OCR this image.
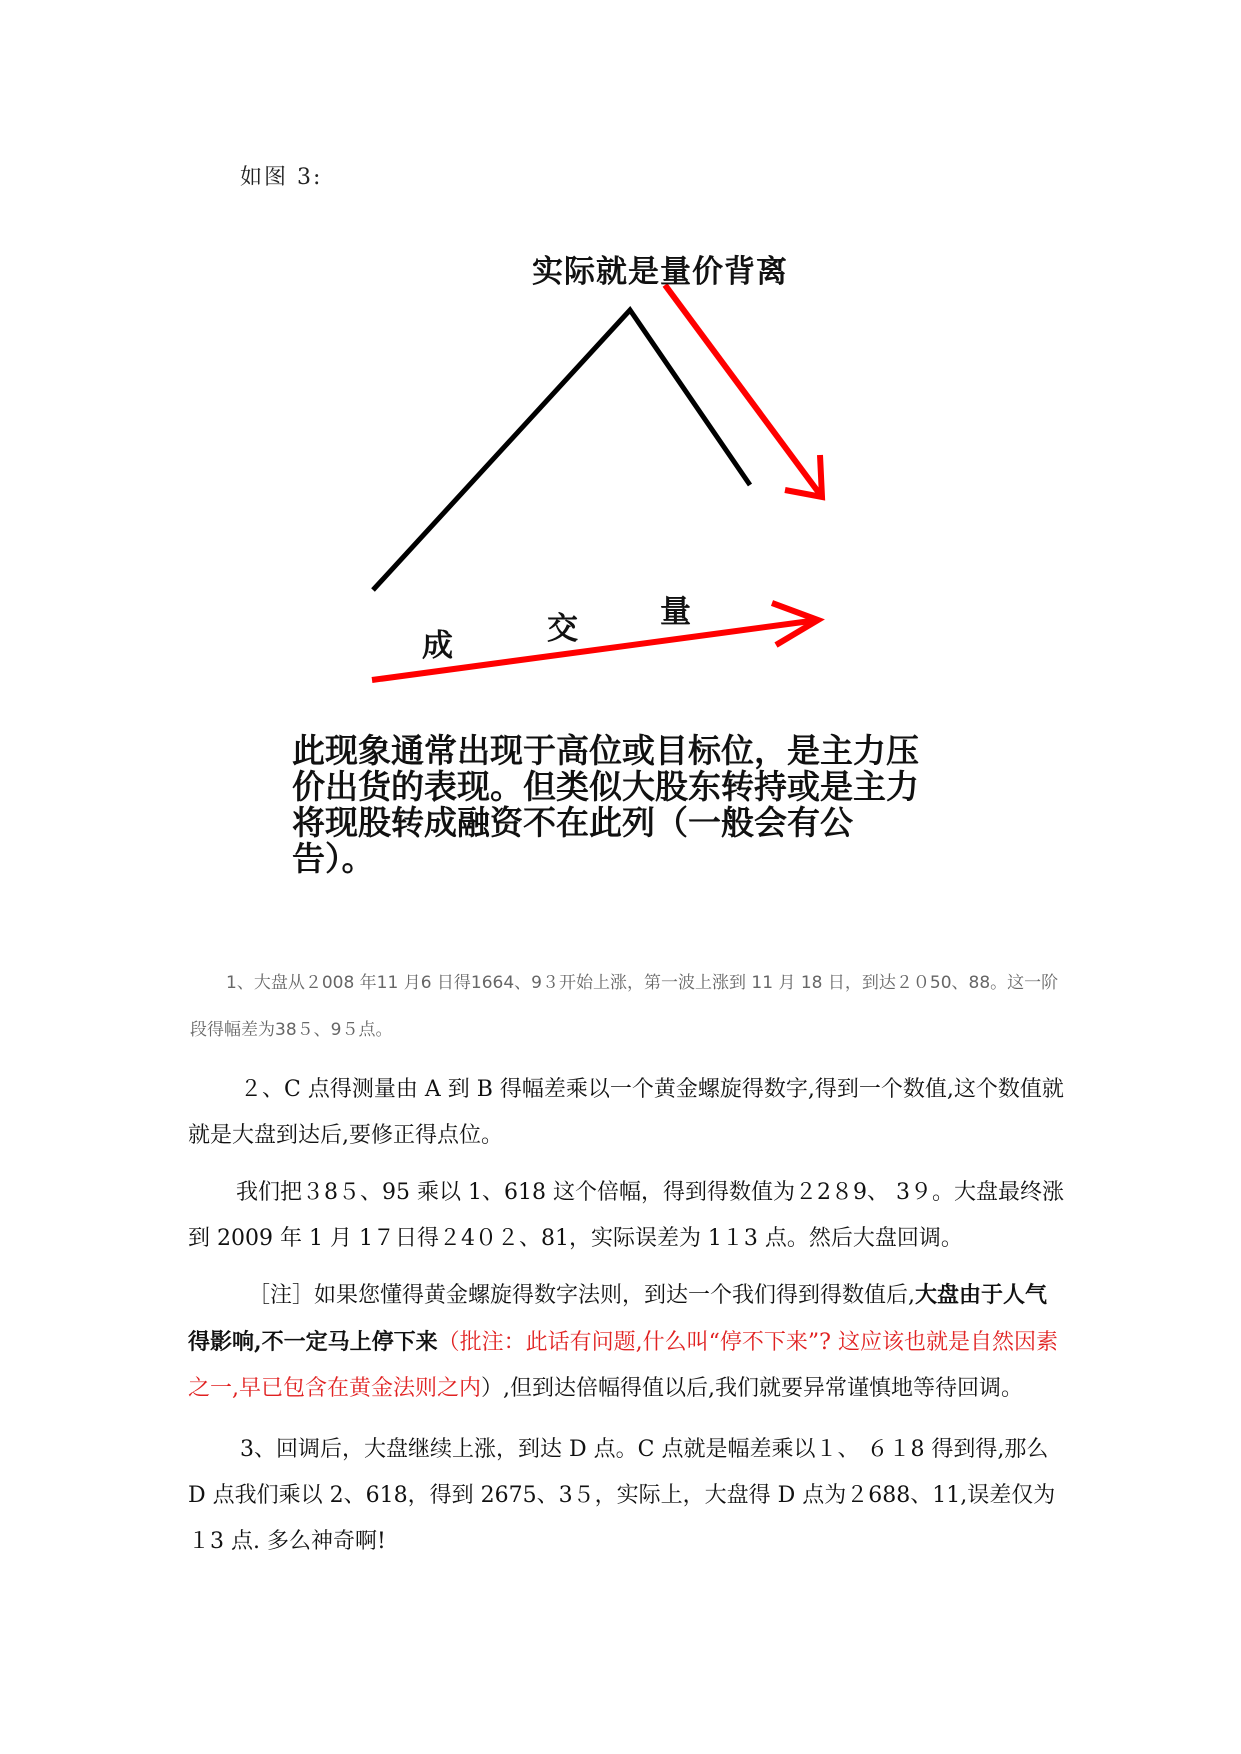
如图 3:
实际就是量价背离
成	交	量
此现象通常出现于高位或目标位，是主力压价出货的表现。但类似大股东转持或是主力将现股转成融资不在此列（一般会有公告）。
1、大盘从２008 年11 月6 日得1664、9３开始上涨，第一波上涨到 11 月 18 日，到达２０50、88。这一阶段得幅差为38５、9５点。
２、C 点得测量由 A 到 B 得幅差乘以一个黄金螺旋得数字,得到一个数值,这个数值就就是大盘到达后,要修正得点位。
我们把３8５、95 乘以 1、618 这个倍幅，得到得数值为２2８9、 3９。大盘最终涨到 2009 年 1 月 1７日得２4０２、81，实际误差为 1１3 点。然后大盘回调。
［注］如果您懂得黄金螺旋得数字法则，到达一个我们得到得数值后,大盘由于人气得影响,不一定马上停下来（批注：此话有问题,什么叫“停不下来”? 这应该也就是自然因素之一,早已包含在黄金法则之内）,但到达倍幅得值以后,我们就要异常谨慎地等待回调。
3、回调后，大盘继续上涨，到达 D 点。C 点就是幅差乘以１、 ６１8 得到得,那么 D 点我们乘以 2、618，得到 2675、3５，实际上，大盘得 D 点为２688、11,误差仅为１3 点. 多么神奇啊!
